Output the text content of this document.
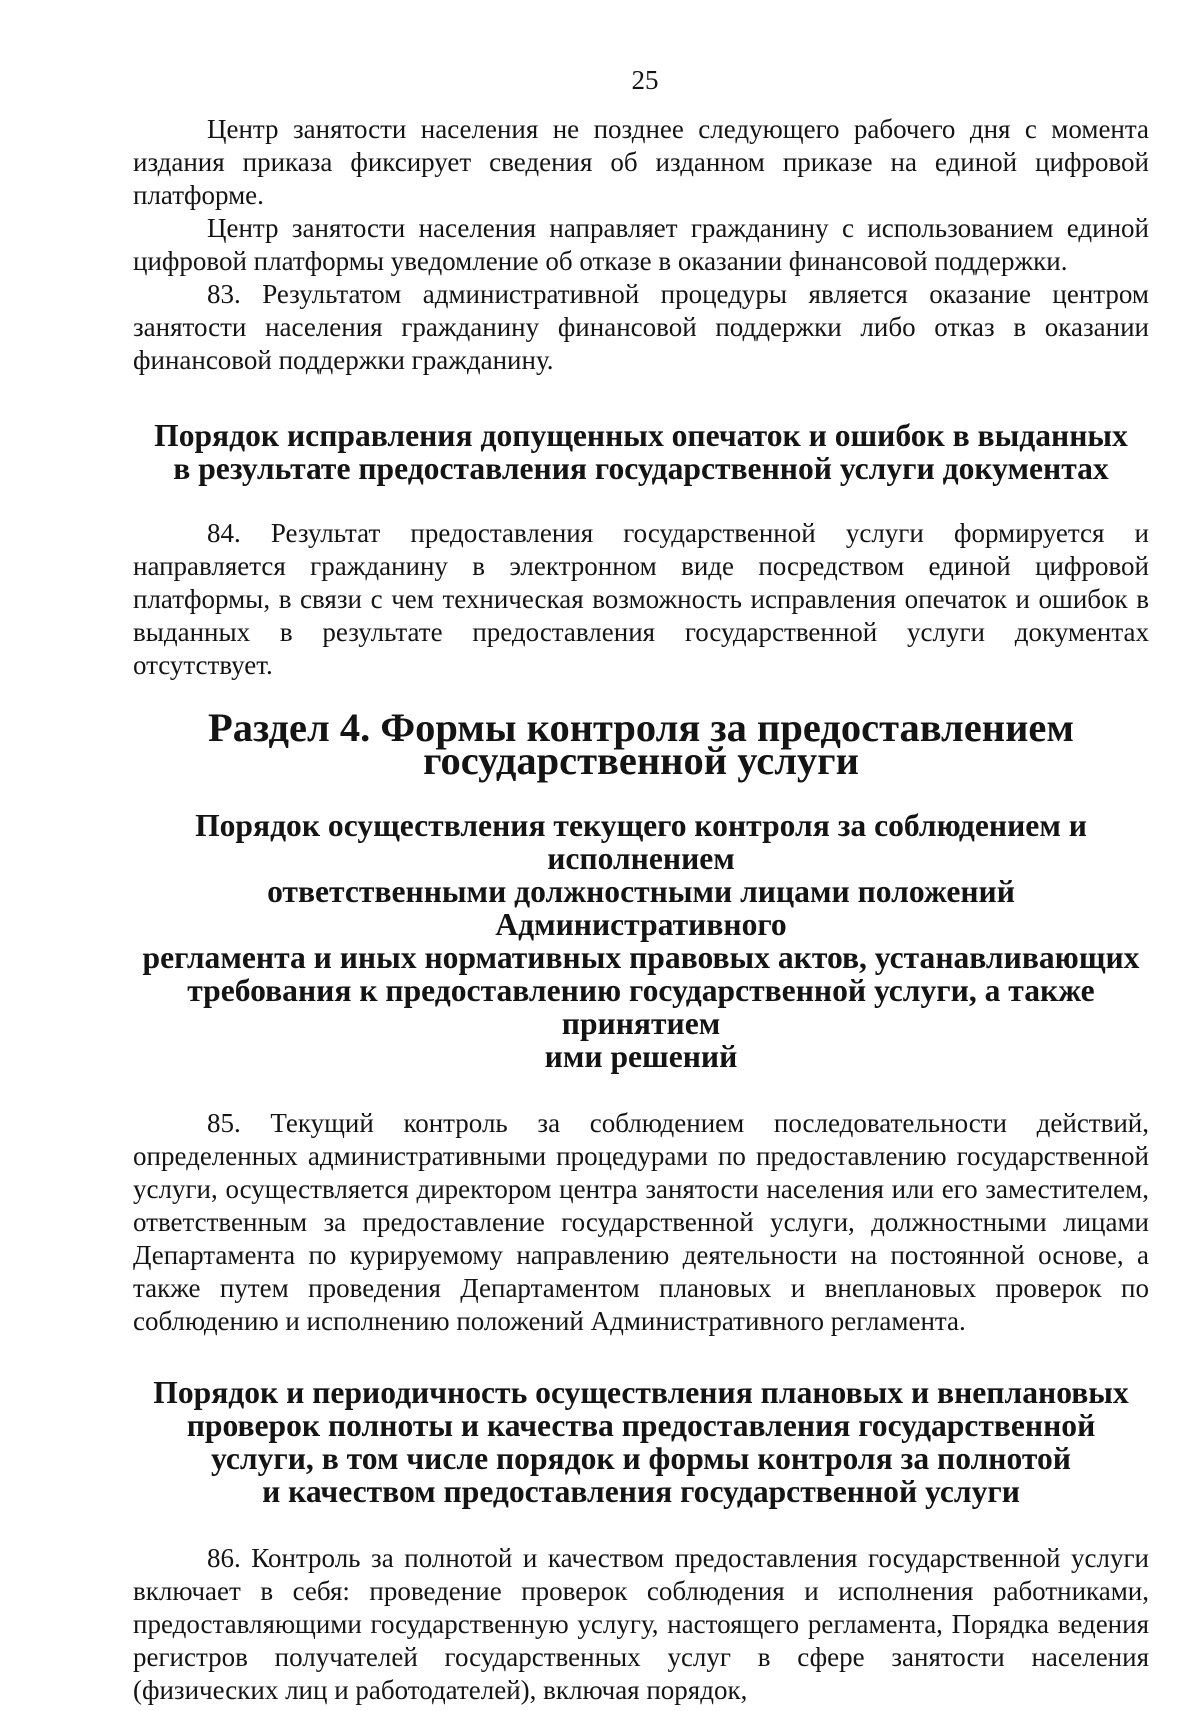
25

Центр занятости населения не позднее следующего рабочего дня с момента издания приказа фиксирует сведения об изданном приказе на единой цифровой платформе.

Центр занятости населения направляет гражданину с использованием единой цифровой платформы уведомление об отказе в оказании финансовой поддержки.

83. Результатом административной процедуры является оказание центром занятости населения гражданину финансовой поддержки либо отказ в оказании финансовой поддержки гражданину.

Порядок исправления допущенных опечаток и ошибок в выданных
в результате предоставления государственной услуги документах

84. Результат предоставления государственной услуги формируется и направляется гражданину в электронном виде посредством единой цифровой платформы, в связи с чем техническая возможность исправления опечаток и ошибок в выданных в результате предоставления государственной услуги документах отсутствует.

Раздел 4. Формы контроля за предоставлением государственной услуги
Порядок осуществления текущего контроля за соблюдением и исполнением
ответственными должностными лицами положений Административного
регламента и иных нормативных правовых актов, устанавливающих
требования к предоставлению государственной услуги, а также принятием
ими решений

85. Текущий контроль за соблюдением последовательности действий, определенных административными процедурами по предоставлению государственной услуги, осуществляется директором центра занятости населения или его заместителем, ответственным за предоставление государственной услуги, должностными лицами Департамента по курируемому направлению деятельности на постоянной основе, а также путем проведения Департаментом плановых и внеплановых проверок по соблюдению и исполнению положений Административного регламента.

Порядок и периодичность осуществления плановых и внеплановых
проверок полноты и качества предоставления государственной
услуги, в том числе порядок и формы контроля за полнотой
и качеством предоставления государственной услуги

86. Контроль за полнотой и качеством предоставления государственной услуги включает в себя: проведение проверок соблюдения и исполнения работниками, предоставляющими государственную услугу, настоящего регламента, Порядка ведения регистров получателей государственных услуг в сфере занятости населения (физических лиц и работодателей), включая порядок,
